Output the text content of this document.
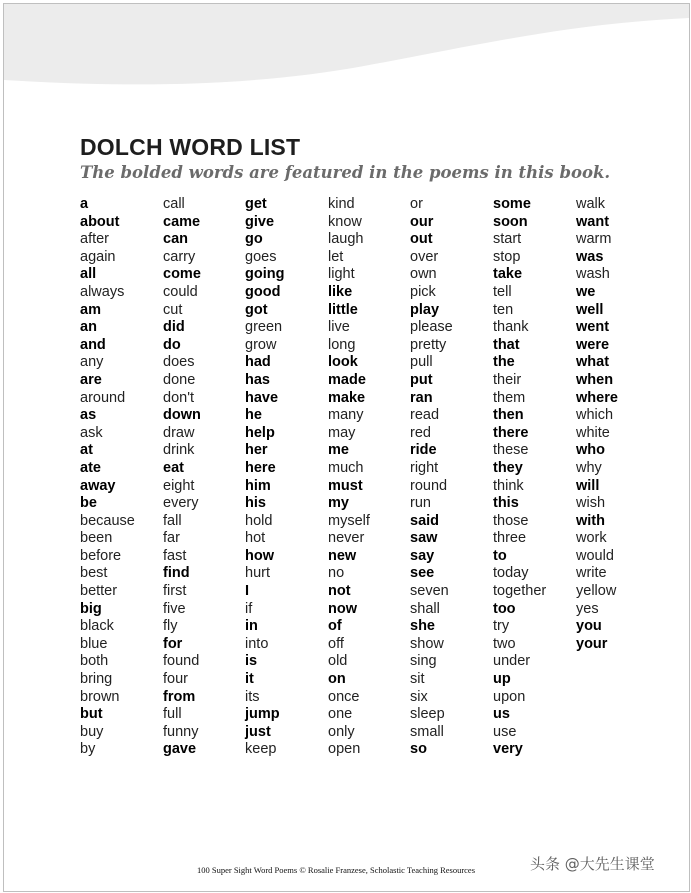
DOLCH WORD LIST
The bolded words are featured in the poems in this book.
a
about
after
again
all
always
am
an
and
any
are
around
as
ask
at
ate
away
be
because
been
before
best
better
big
black
blue
both
bring
brown
but
buy
by
call
came
can
carry
come
could
cut
did
do
does
done
don't
down
draw
drink
eat
eight
every
fall
far
fast
find
first
five
fly
for
found
four
from
full
funny
gave
get
give
go
goes
going
good
got
green
grow
had
has
have
he
help
her
here
him
his
hold
hot
how
hurt
I
if
in
into
is
it
its
jump
just
keep
kind
know
laugh
let
light
like
little
live
long
look
made
make
many
may
me
much
must
my
myself
never
new
no
not
now
of
off
old
on
once
one
only
open
or
our
out
over
own
pick
play
please
pretty
pull
put
ran
read
red
ride
right
round
run
said
saw
say
see
seven
shall
she
show
sing
sit
six
sleep
small
so
some
soon
start
stop
take
tell
ten
thank
that
the
their
them
then
there
these
they
think
this
those
three
to
today
together
too
try
two
under
up
upon
us
use
very
walk
want
warm
was
wash
we
well
went
were
what
when
where
which
white
who
why
will
wish
with
work
would
write
yellow
yes
you
your
100 Super Sight Word Poems © Rosalie Franzese, Scholastic Teaching Resources	头条 @大先生课堂
